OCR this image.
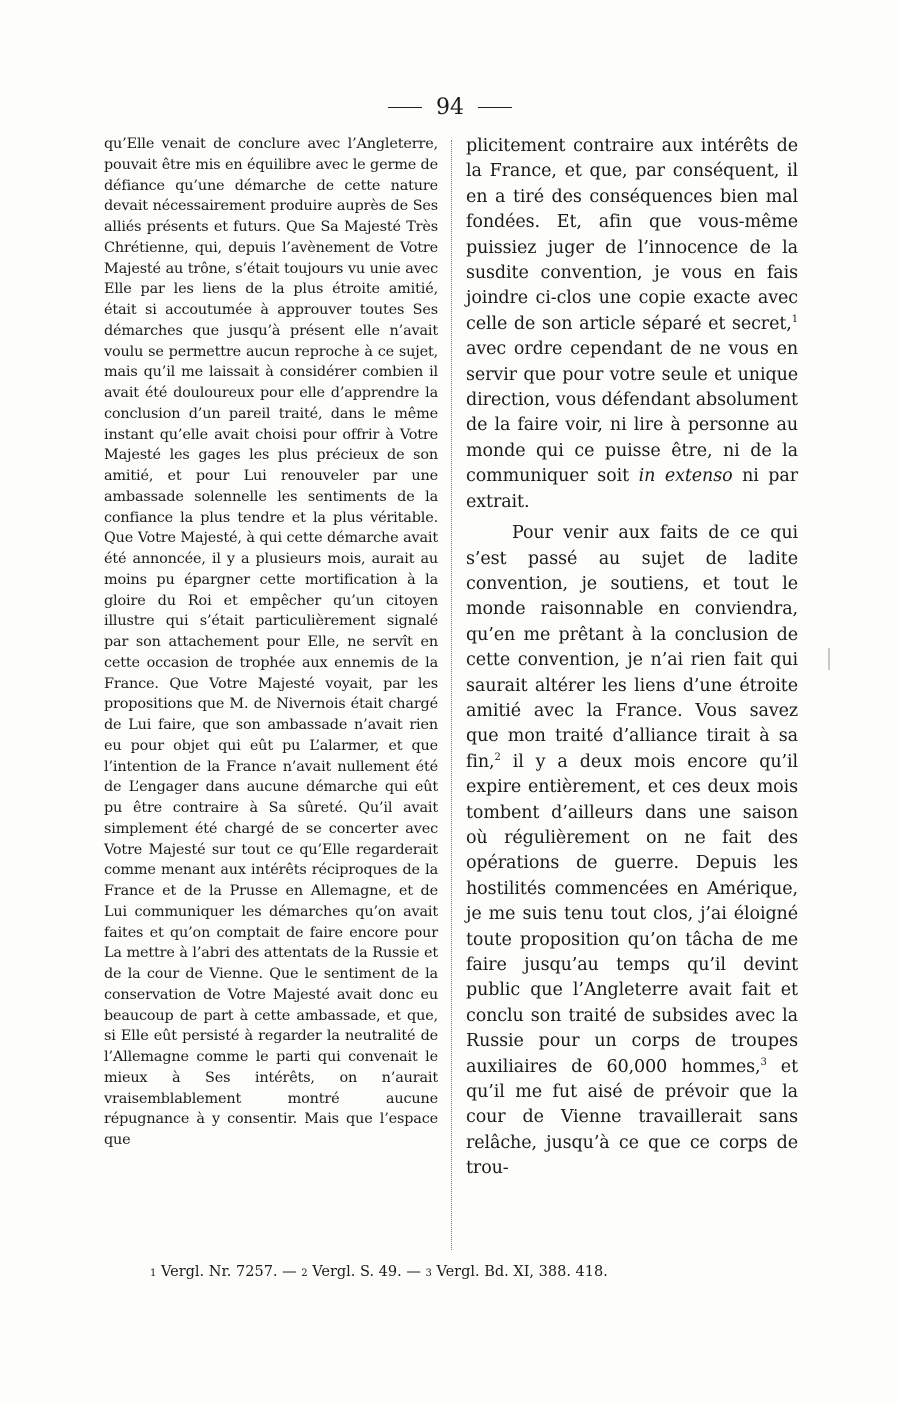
94

qu’Elle venait de conclure avec l’Angleterre, pouvait être mis en équilibre avec le germe de défiance qu’une démarche de cette nature devait nécessairement produire auprès de Ses alliés présents et futurs. Que Sa Majesté Très Chrétienne, qui, depuis l’avènement de Votre Majesté au trône, s’était toujours vu unie avec Elle par les liens de la plus étroite amitié, était si accoutumée à approuver toutes Ses démarches que jusqu’à présent elle n’avait voulu se permettre aucun reproche à ce sujet, mais qu’il me laissait à considérer combien il avait été douloureux pour elle d’apprendre la conclusion d’un pareil traité, dans le même instant qu’elle avait choisi pour offrir à Votre Majesté les gages les plus précieux de son amitié, et pour Lui renouveler par une ambassade solennelle les sentiments de la confiance la plus tendre et la plus véritable. Que Votre Majesté, à qui cette démarche avait été annoncée, il y a plusieurs mois, aurait au moins pu épargner cette mortification à la gloire du Roi et empêcher qu’un citoyen illustre qui s’était particulièrement signalé par son attachement pour Elle, ne servît en cette occasion de trophée aux ennemis de la France. Que Votre Majesté voyait, par les propositions que M. de Nivernois était chargé de Lui faire, que son ambassade n’avait rien eu pour objet qui eût pu L’alarmer, et que l’intention de la France n’avait nullement été de L’engager dans aucune démarche qui eût pu être contraire à Sa sûreté. Qu’il avait simplement été chargé de se concerter avec Votre Majesté sur tout ce qu’Elle regarderait comme menant aux intérêts réciproques de la France et de la Prusse en Allemagne, et de Lui communiquer les démarches qu’on avait faites et qu’on comptait de faire encore pour La mettre à l’abri des attentats de la Russie et de la cour de Vienne. Que le sentiment de la conservation de Votre Majesté avait donc eu beaucoup de part à cette ambassade, et que, si Elle eût persisté à regarder la neutralité de l’Allemagne comme le parti qui convenait le mieux à Ses intérêts, on n’aurait vraisemblablement montré aucune répugnance à y consentir. Mais que l’espace que

plicitement contraire aux intérêts de la France, et que, par conséquent, il en a tiré des conséquences bien mal fondées. Et, afin que vous-même puissiez juger de l’innocence de la susdite convention, je vous en fais joindre ci-clos une copie exacte avec celle de son article séparé et secret,$^1$ avec ordre cependant de ne vous en servir que pour votre seule et unique direction, vous défendant absolument de la faire voir, ni lire à personne au monde qui ce puisse être, ni de la communiquer soit in extenso ni par extrait.

Pour venir aux faits de ce qui s’est passé au sujet de ladite convention, je soutiens, et tout le monde raisonnable en conviendra, qu’en me prêtant à la conclusion de cette convention, je n’ai rien fait qui saurait altérer les liens d’une étroite amitié avec la France. Vous savez que mon traité d’alliance tirait à sa fin,$^2$ il y a deux mois encore qu’il expire entièrement, et ces deux mois tombent d’ailleurs dans une saison où régulièrement on ne fait des opérations de guerre. Depuis les hostilités commencées en Amérique, je me suis tenu tout clos, j’ai éloigné toute proposition qu’on tâcha de me faire jusqu’au temps qu’il devint public que l’Angleterre avait fait et conclu son traité de subsides avec la Russie pour un corps de troupes auxiliaires de 60,000 hommes,$^3$ et qu’il me fut aisé de prévoir que la cour de Vienne travaillerait sans relâche, jusqu’à ce que ce corps de trou-

1 Vergl. Nr. 7257. — 2 Vergl. S. 49. — 3 Vergl. Bd. XI, 388. 418.
